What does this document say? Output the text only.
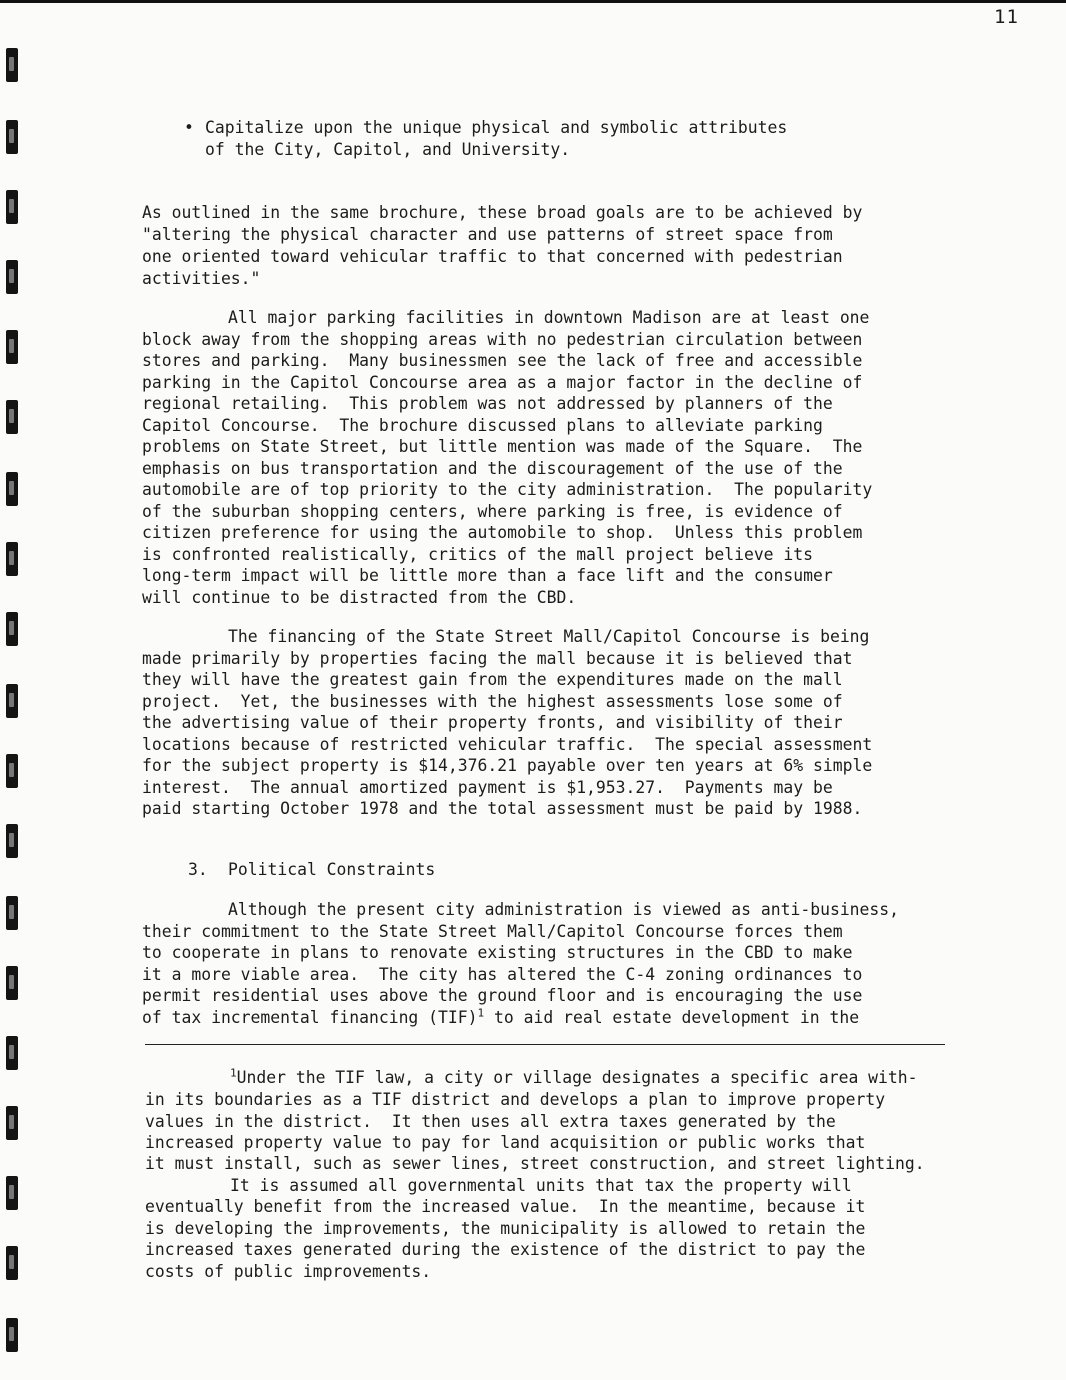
11
• Capitalize upon the unique physical and symbolic attributes
of the City, Capitol, and University.
As outlined in the same brochure, these broad goals are to be achieved by
"altering the physical character and use patterns of street space from
one oriented toward vehicular traffic to that concerned with pedestrian
activities."
All major parking facilities in downtown Madison are at least one
block away from the shopping areas with no pedestrian circulation between
stores and parking.  Many businessmen see the lack of free and accessible
parking in the Capitol Concourse area as a major factor in the decline of
regional retailing.  This problem was not addressed by planners of the
Capitol Concourse.  The brochure discussed plans to alleviate parking
problems on State Street, but little mention was made of the Square.  The
emphasis on bus transportation and the discouragement of the use of the
automobile are of top priority to the city administration.  The popularity
of the suburban shopping centers, where parking is free, is evidence of
citizen preference for using the automobile to shop.  Unless this problem
is confronted realistically, critics of the mall project believe its
long-term impact will be little more than a face lift and the consumer
will continue to be distracted from the CBD.
The financing of the State Street Mall/Capitol Concourse is being
made primarily by properties facing the mall because it is believed that
they will have the greatest gain from the expenditures made on the mall
project.  Yet, the businesses with the highest assessments lose some of
the advertising value of their property fronts, and visibility of their
locations because of restricted vehicular traffic.  The special assessment
for the subject property is $14,376.21 payable over ten years at 6% simple
interest.  The annual amortized payment is $1,953.27.  Payments may be
paid starting October 1978 and the total assessment must be paid by 1988.
3. Political Constraints
Although the present city administration is viewed as anti-business,
their commitment to the State Street Mall/Capitol Concourse forces them
to cooperate in plans to renovate existing structures in the CBD to make
it a more viable area.  The city has altered the C-4 zoning ordinances to
permit residential uses above the ground floor and is encouraging the use
of tax incremental financing (TIF)$^1$ to aid real estate development in the
$^1$Under the TIF law, a city or village designates a specific area with-
in its boundaries as a TIF district and develops a plan to improve property
values in the district.  It then uses all extra taxes generated by the
increased property value to pay for land acquisition or public works that
it must install, such as sewer lines, street construction, and street lighting.
It is assumed all governmental units that tax the property will
eventually benefit from the increased value.  In the meantime, because it
is developing the improvements, the municipality is allowed to retain the
increased taxes generated during the existence of the district to pay the
costs of public improvements.
